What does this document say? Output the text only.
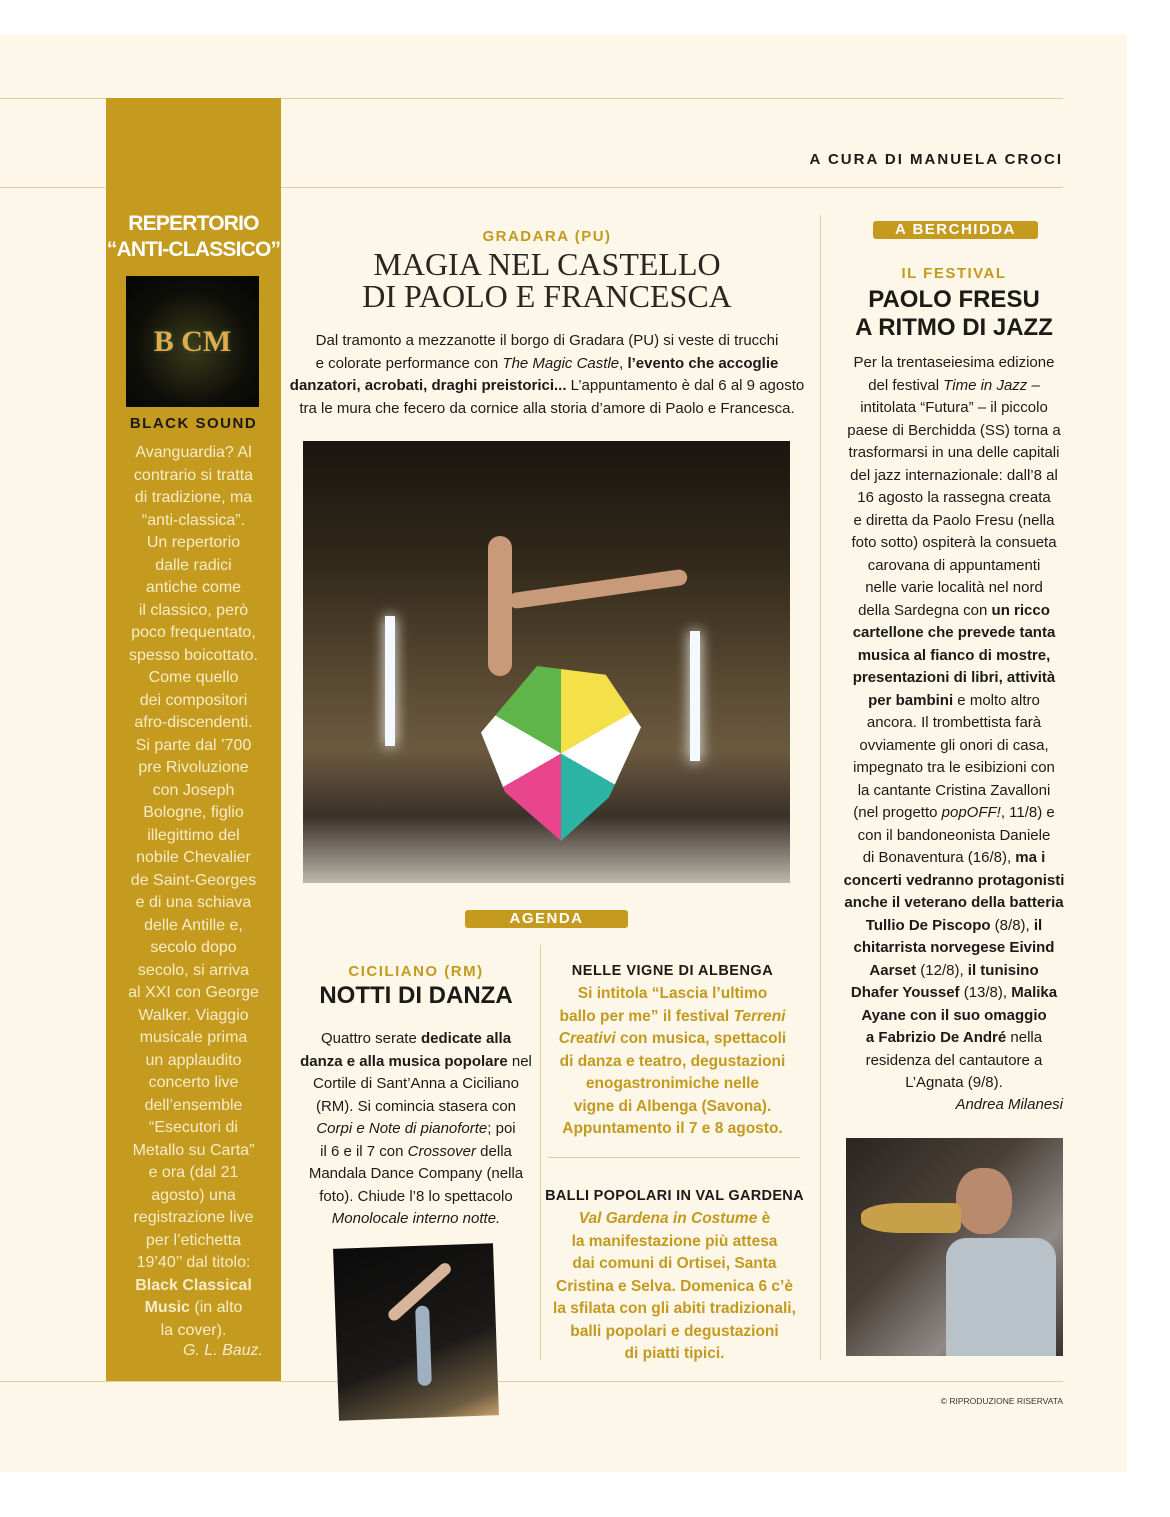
A CURA DI MANUELA CROCI
B CM
REPERTORIO
“ANTI-CLASSICO”
BLACK SOUND
Avanguardia? Al
contrario si tratta
di tradizione, ma
“anti-classica”.
Un repertorio
dalle radici
antiche come
il classico, però
poco frequentato,
spesso boicottato.
Come quello
dei compositori
afro-discendenti.
Si parte dal ’700
pre Rivoluzione
con Joseph
Bologne, figlio
illegittimo del
nobile Chevalier
de Saint-Georges
e di una schiava
delle Antille e,
secolo dopo
secolo, si arriva
al XXI con George
Walker. Viaggio
musicale prima
un applaudito
concerto live
dell’ensemble
“Esecutori di
Metallo su Carta”
e ora (dal 21
agosto) una
registrazione live
per l’etichetta
19’40’’ dal titolo:
Black Classical
Music (in alto
la cover).
G. L. Bauz.
GRADARA (PU)
MAGIA NEL CASTELLO
DI PAOLO E FRANCESCA
Dal tramonto a mezzanotte il borgo di Gradara (PU) si veste di trucchi
e colorate performance con The Magic Castle, l’evento che accoglie
danzatori, acrobati, draghi preistorici... L’appuntamento è dal 6 al 9 agosto
tra le mura che fecero da cornice alla storia d’amore di Paolo e Francesca.
AGENDA
CICILIANO (RM)
NOTTI DI DANZA
Quattro serate dedicate alla
danza e alla musica popolare nel
Cortile di Sant’Anna a Ciciliano
(RM). Si comincia stasera con
Corpi e Note di pianoforte; poi
il 6 e il 7 con Crossover della
Mandala Dance Company (nella
foto). Chiude l’8 lo spettacolo
Monolocale interno notte.
NELLE VIGNE DI ALBENGA
Si intitola “Lascia l’ultimo
ballo per me” il festival Terreni
Creativi con musica, spettacoli
di danza e teatro, degustazioni
enogastronimiche nelle
vigne di Albenga (Savona).
Appuntamento il 7 e 8 agosto.
BALLI POPOLARI IN VAL GARDENA
Val Gardena in Costume è
la manifestazione più attesa
dai comuni di Ortisei, Santa
Cristina e Selva. Domenica 6 c’è
la sfilata con gli abiti tradizionali,
balli popolari e degustazioni
di piatti tipici.
A BERCHIDDA
IL FESTIVAL
PAOLO FRESU
A RITMO DI JAZZ
Per la trentaseiesima edizione
del festival Time in Jazz –
intitolata “Futura” – il piccolo
paese di Berchidda (SS) torna a
trasformarsi in una delle capitali
del jazz internazionale: dall’8 al
16 agosto la rassegna creata
e diretta da Paolo Fresu (nella
foto sotto) ospiterà la consueta
carovana di appuntamenti
nelle varie località nel nord
della Sardegna con un ricco
cartellone che prevede tanta
musica al fianco di mostre,
presentazioni di libri, attività
per bambini e molto altro
ancora. Il trombettista farà
ovviamente gli onori di casa,
impegnato tra le esibizioni con
la cantante Cristina Zavalloni
(nel progetto popOFF!, 11/8) e
con il bandoneonista Daniele
di Bonaventura (16/8), ma i
concerti vedranno protagonisti
anche il veterano della batteria
Tullio De Piscopo (8/8), il
chitarrista norvegese Eivind
Aarset (12/8), il tunisino
Dhafer Youssef (13/8), Malika
Ayane con il suo omaggio
a Fabrizio De André nella
residenza del cantautore a
L’Agnata (9/8).
Andrea Milanesi
© RIPRODUZIONE RISERVATA
